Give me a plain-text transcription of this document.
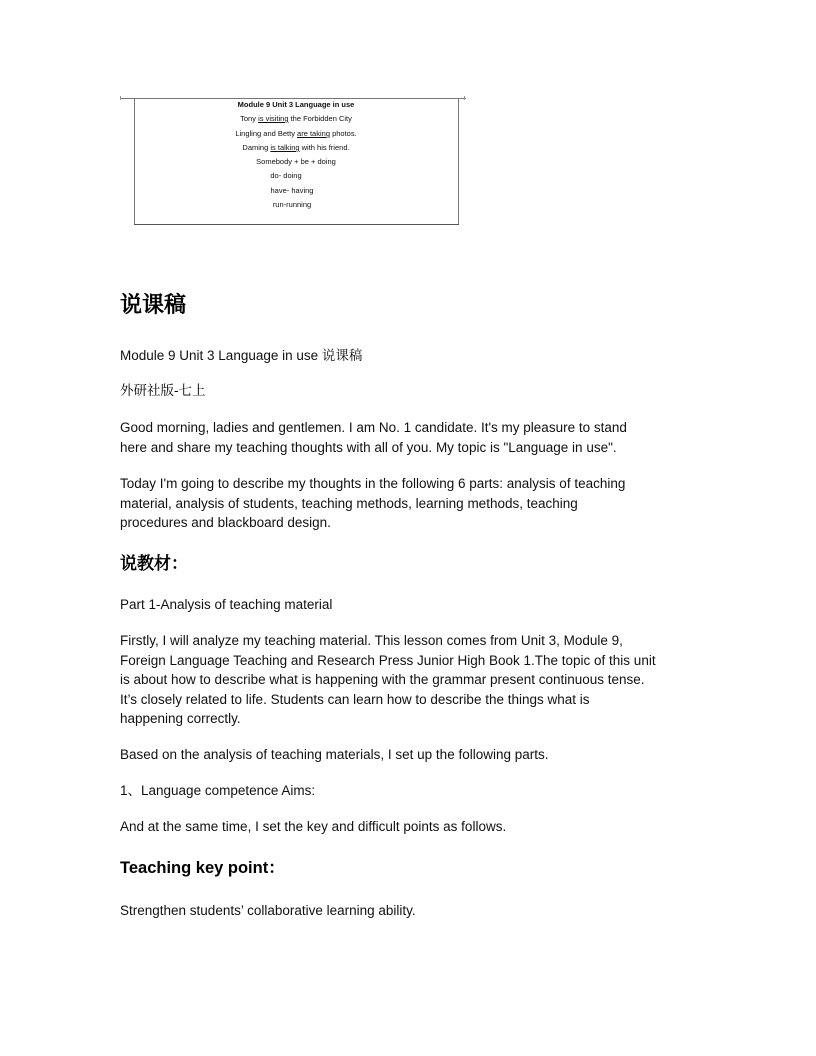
Module 9 Unit 3 Language in use
Tony is visiting the Forbidden City
Lingling and Betty are taking photos.
Daming is talking with his friend.
Somebody + be + doing
do- doing
have- having
run-running
说课稿
Module 9 Unit 3 Language in use 说课稿
外研社版-七上
Good morning, ladies and gentlemen. I am No. 1 candidate. It's my pleasure to stand
here and share my teaching thoughts with all of you. My topic is "Language in use".
Today I'm going to describe my thoughts in the following 6 parts: analysis of teaching
material, analysis of students, teaching methods, learning methods, teaching
procedures and blackboard design.
说教材：
Part 1-Analysis of teaching material
Firstly, I will analyze my teaching material. This lesson comes from Unit 3, Module 9,
Foreign Language Teaching and Research Press Junior High Book 1.The topic of this unit
is about how to describe what is happening with the grammar present continuous tense.
It’s closely related to life. Students can learn how to describe the things what is
happening correctly.
Based on the analysis of teaching materials, I set up the following parts.
1、Language competence Aims:
And at the same time, I set the key and difficult points as follows.
Teaching key point：
Strengthen students’ collaborative learning ability.
